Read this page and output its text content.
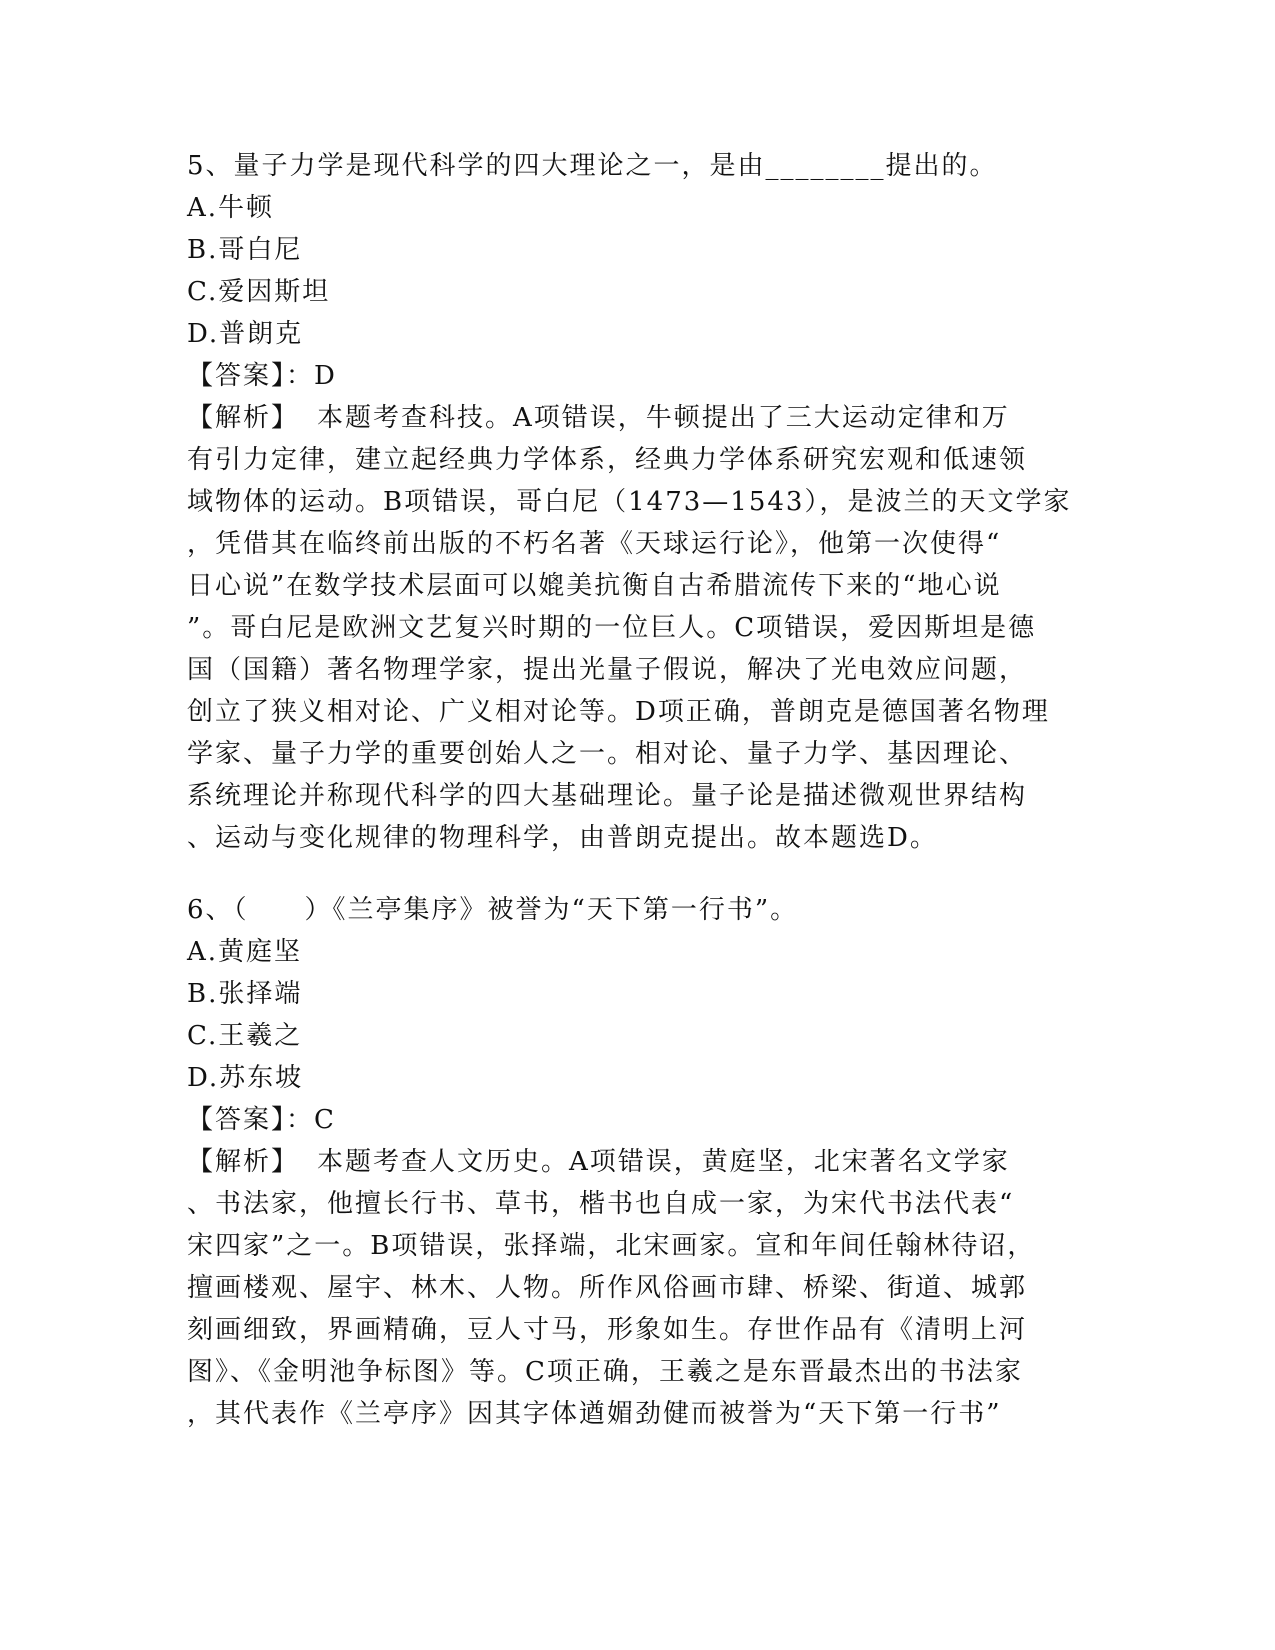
5、量子力学是现代科学的四大理论之一，是由________提出的。
A.牛顿
B.哥白尼
C.爱因斯坦
D.普朗克
【答案】：D
【解析】 本题考查科技。A项错误，牛顿提出了三大运动定律和万
有引力定律，建立起经典力学体系，经典力学体系研究宏观和低速领
域物体的运动。B项错误，哥白尼（1473—1543），是波兰的天文学家
，凭借其在临终前出版的不朽名著《天球运行论》，他第一次使得“
日心说”在数学技术层面可以媲美抗衡自古希腊流传下来的“地心说
”。哥白尼是欧洲文艺复兴时期的一位巨人。C项错误，爱因斯坦是德
国（国籍）著名物理学家，提出光量子假说，解决了光电效应问题，
创立了狭义相对论、广义相对论等。D项正确，普朗克是德国著名物理
学家、量子力学的重要创始人之一。相对论、量子力学、基因理论、
系统理论并称现代科学的四大基础理论。量子论是描述微观世界结构
、运动与变化规律的物理科学，由普朗克提出。故本题选D。
6、（　　）《兰亭集序》被誉为“天下第一行书”。
A.黄庭坚
B.张择端
C.王羲之
D.苏东坡
【答案】：C
【解析】 本题考查人文历史。A项错误，黄庭坚，北宋著名文学家
、书法家，他擅长行书、草书，楷书也自成一家，为宋代书法代表“
宋四家”之一。B项错误，张择端，北宋画家。宣和年间任翰林待诏，
擅画楼观、屋宇、林木、人物。所作风俗画市肆、桥梁、街道、城郭
刻画细致，界画精确，豆人寸马，形象如生。存世作品有《清明上河
图》、《金明池争标图》等。C项正确，王羲之是东晋最杰出的书法家
，其代表作《兰亭序》因其字体遒媚劲健而被誉为“天下第一行书”
